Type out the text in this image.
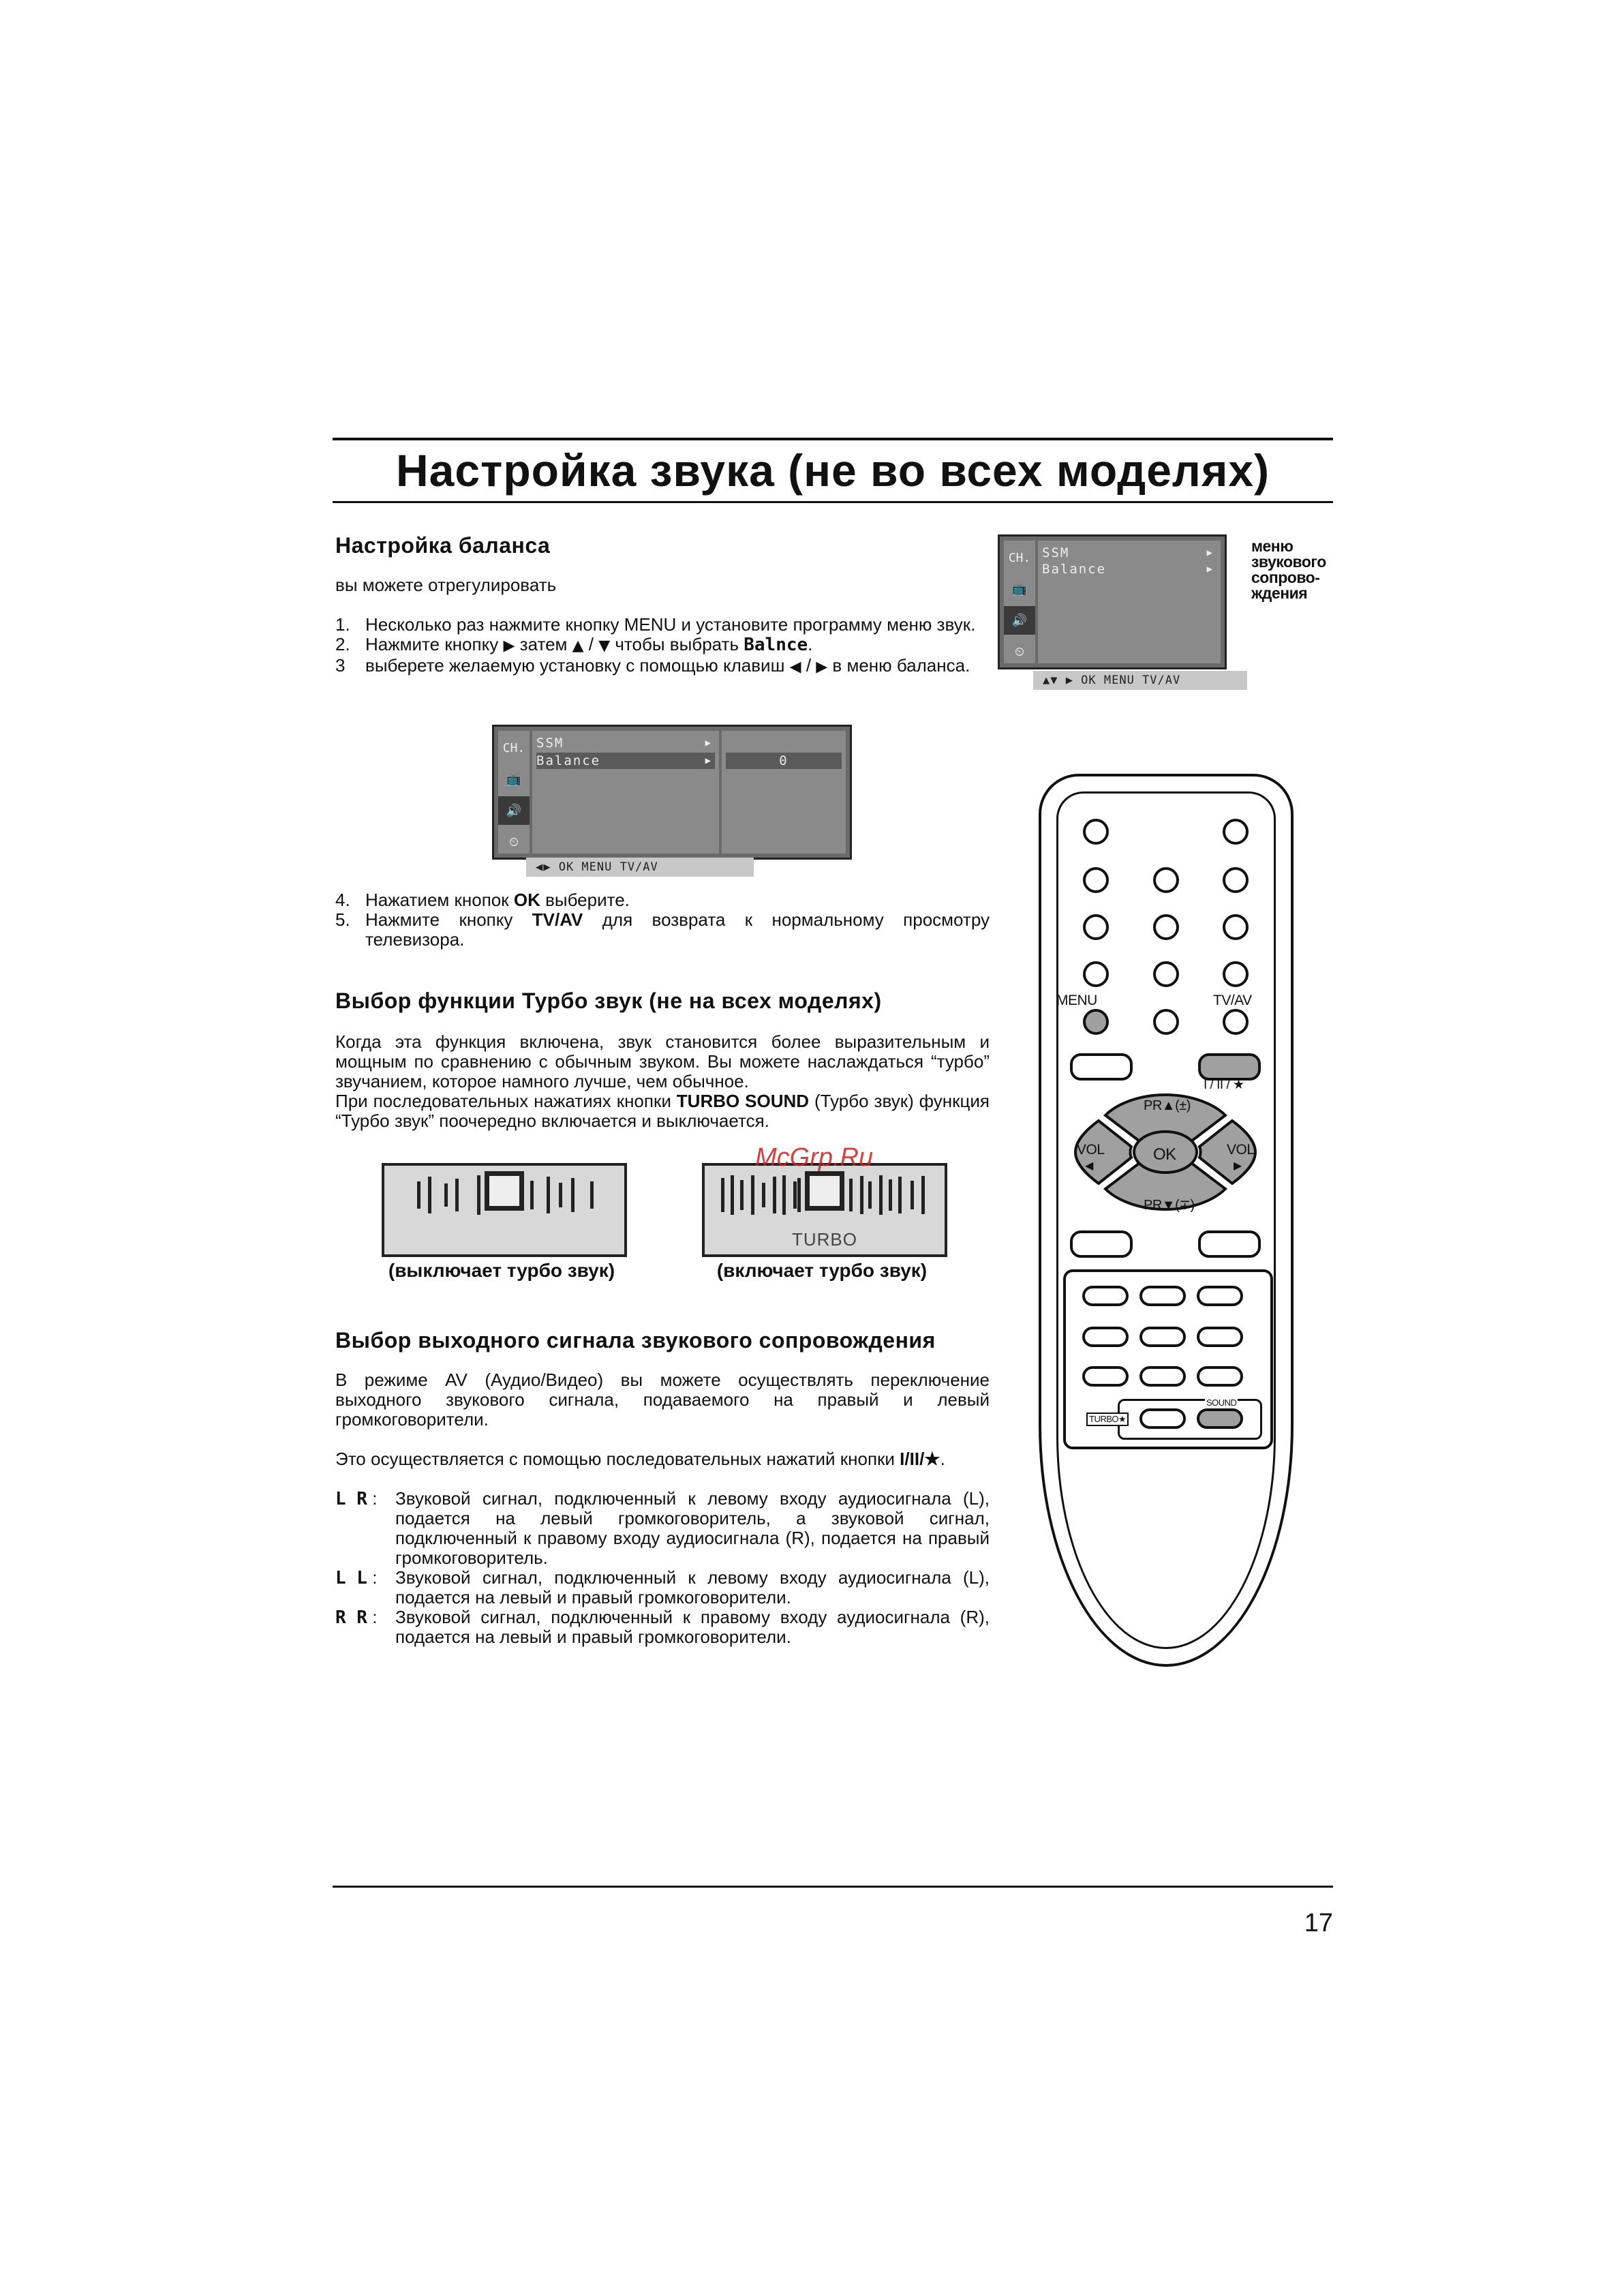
Настройка звука (не во всех моделях)
Настройка баланса

вы можете отрегулировать

1. Несколько раз нажмите кнопку MENU и установите программу меню звук.
2. Нажмите кнопку ▶ затем ▲ / ▼ чтобы выбрать Balnce.
3	выберете желаемую установку с помощью клавиш ◀ / ▶ в меню баланса.
CH.
📺
🔊
⏲
SSM	▶
Balance	▶	0
◀▶ OK MENU TV/AV
4. Нажатием кнопок OK выберите.
5. Нажмите кнопку TV/AV для возврата к нормальному просмотру телевизора.
CH.
📺
🔊
⏲
SSM	▶
Balance	▶
▲▼ ▶ OK MENU TV/AV
меню
звукового
сопрово-
ждения
Выбор функции Турбо звук (не на всех моделях)

Когда эта функция включена, звук становится более выразительным и мощным по сравнению с обычным звуком. Вы можете наслаждаться “турбо” звучанием, которое намного лучше, чем обычное.

При последовательных нажатиях кнопки TURBO SOUND (Турбо звук) функция “Турбо звук” поочередно включается и выключается.

(выключает турбо звук)
TURBO
(включает турбо звук)
Выбор выходного сигнала звукового сопровождения

В режиме AV (Аудио/Видео) вы можете осуществлять переключение выходного звукового сигнала, подаваемого на правый и левый громкоговорители.

Это осуществляется с помощью последовательных нажатий кнопки I/II/★.

L R :	Звуковой сигнал, подключенный к левому входу аудиосигнала (L), подается на левый громкоговоритель, а звуковой сигнал, подключенный к правому входу аудиосигнала (R), подается на правый громкоговоритель.
L L :	Звуковой сигнал, подключенный к левому входу аудиосигнала (L), подается на левый и правый громкоговорители.
R R :	Звуковой сигнал, подключенный к правому входу аудиосигнала (R), подается на левый и правый громкоговорители.
MENU	TV/AV
I / II / ★
PR▲(±)
PR▼(∓)
VOL
◀
VOL
▶
OK
TURBO★
SOUND
McGrp.Ru
17
